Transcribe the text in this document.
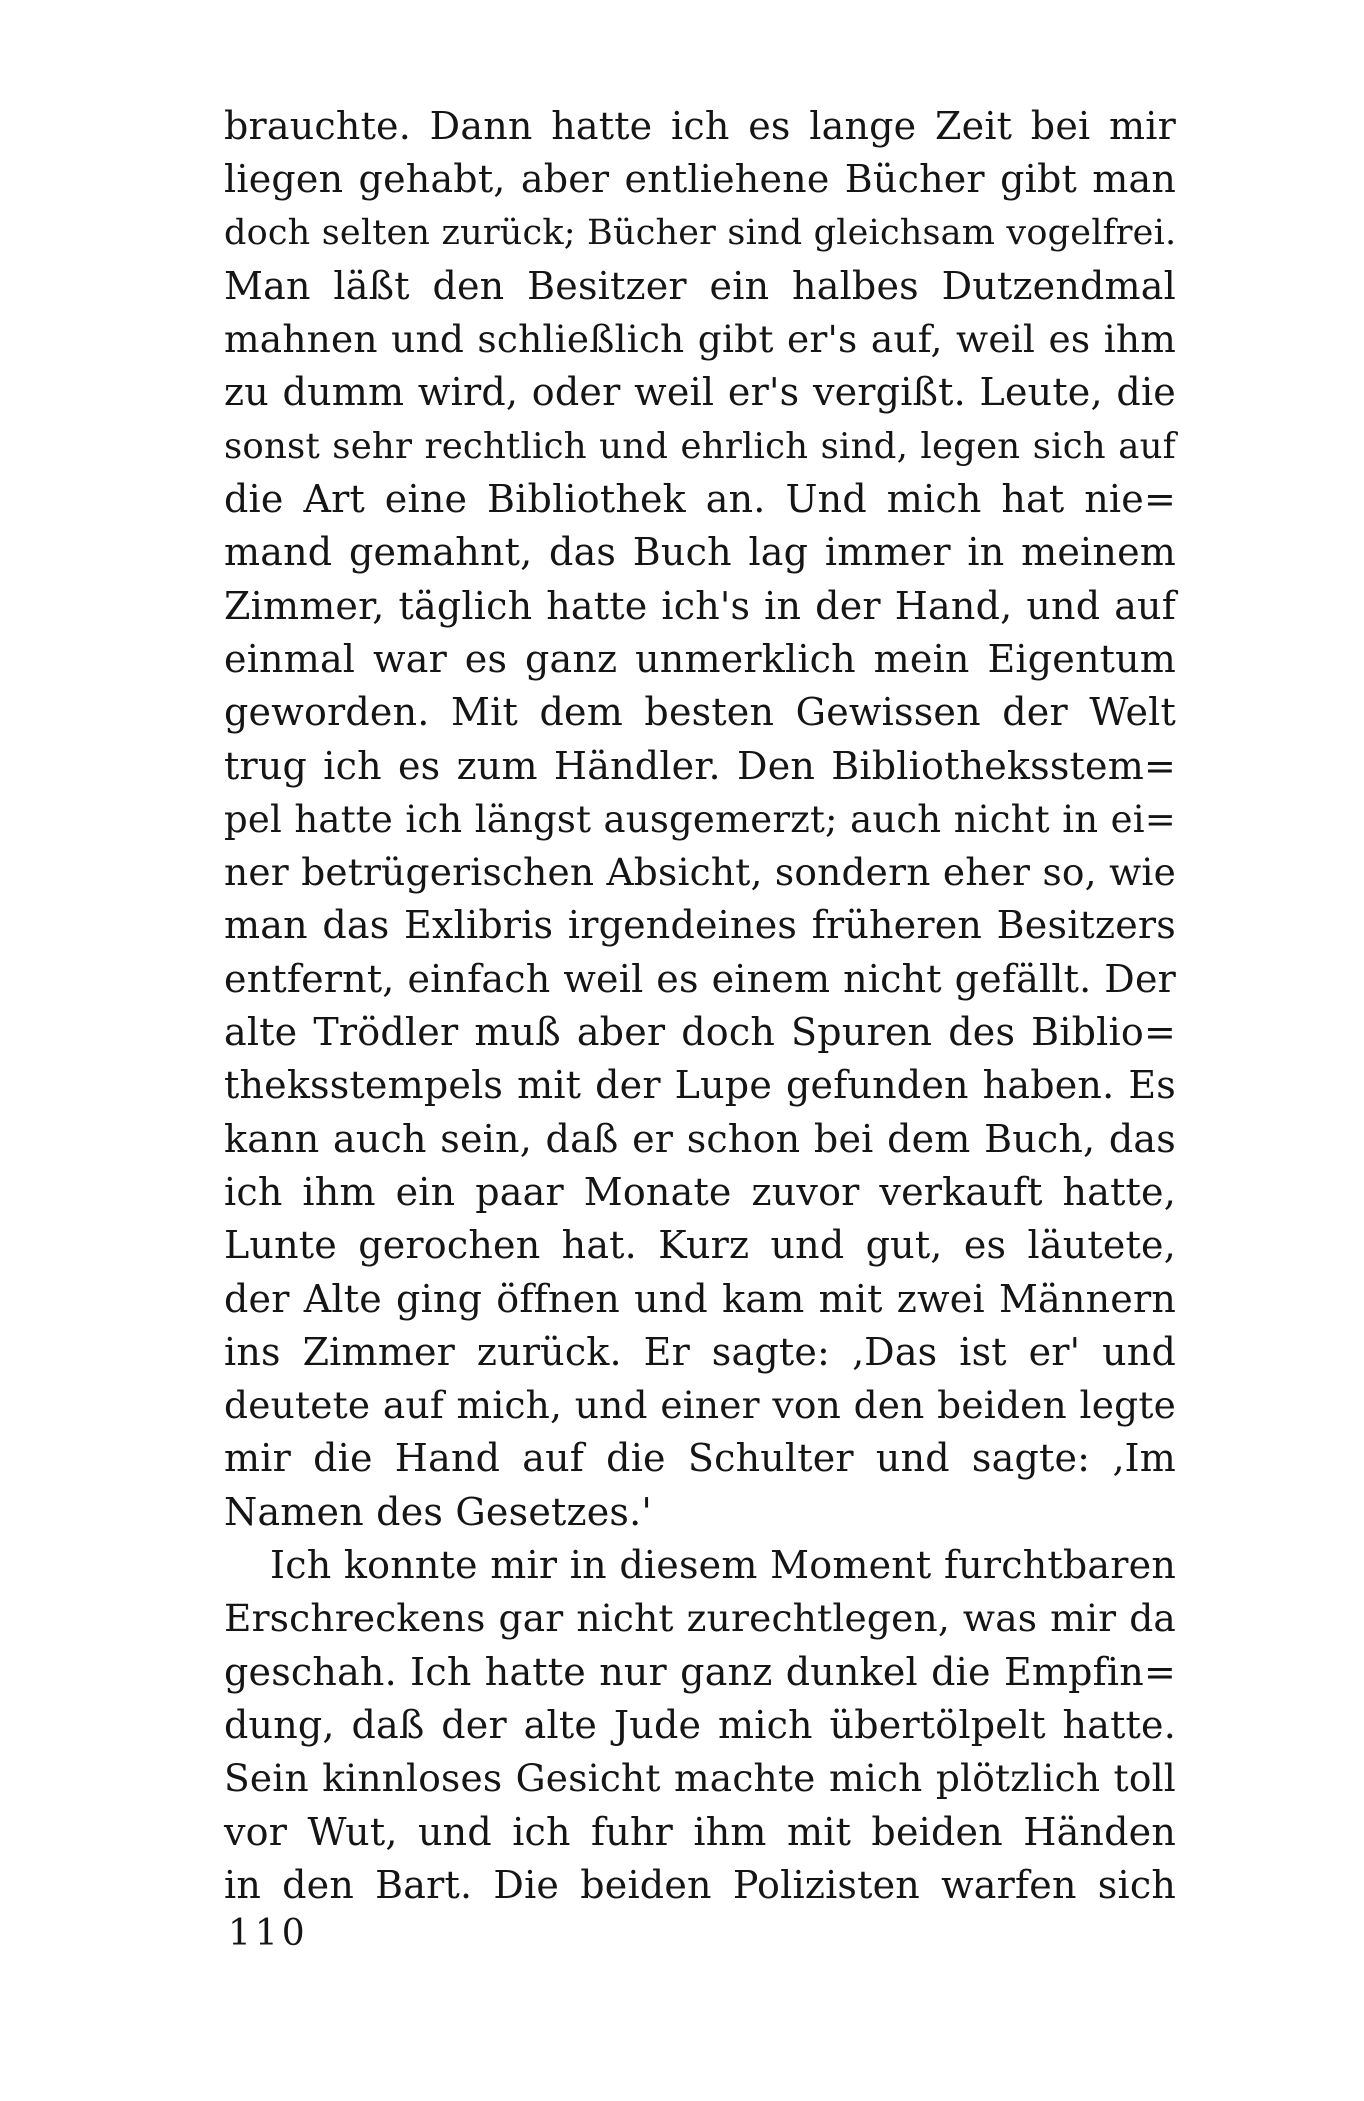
brauchte. Dann hatte ich es lange Zeit bei mir
liegen gehabt, aber entliehene Bücher gibt man
doch selten zurück; Bücher sind gleichsam vogelfrei.
Man läßt den Besitzer ein halbes Dutzendmal
mahnen und schließlich gibt er's auf, weil es ihm
zu dumm wird, oder weil er's vergißt. Leute, die
sonst sehr rechtlich und ehrlich sind, legen sich auf
die Art eine Bibliothek an. Und mich hat nie=
mand gemahnt, das Buch lag immer in meinem
Zimmer, täglich hatte ich's in der Hand, und auf
einmal war es ganz unmerklich mein Eigentum
geworden. Mit dem besten Gewissen der Welt
trug ich es zum Händler. Den Bibliotheksstem=
pel hatte ich längst ausgemerzt; auch nicht in ei=
ner betrügerischen Absicht, sondern eher so, wie
man das Exlibris irgendeines früheren Besitzers
entfernt, einfach weil es einem nicht gefällt. Der
alte Trödler muß aber doch Spuren des Biblio=
theksstempels mit der Lupe gefunden haben. Es
kann auch sein, daß er schon bei dem Buch, das
ich ihm ein paar Monate zuvor verkauft hatte,
Lunte gerochen hat. Kurz und gut, es läutete,
der Alte ging öffnen und kam mit zwei Männern
ins Zimmer zurück. Er sagte: ‚Das ist er' und
deutete auf mich, und einer von den beiden legte
mir die Hand auf die Schulter und sagte: ‚Im
Namen des Gesetzes.'
Ich konnte mir in diesem Moment furchtbaren
Erschreckens gar nicht zurechtlegen, was mir da
geschah. Ich hatte nur ganz dunkel die Empfin=
dung, daß der alte Jude mich übertölpelt hatte.
Sein kinnloses Gesicht machte mich plötzlich toll
vor Wut, und ich fuhr ihm mit beiden Händen
in den Bart. Die beiden Polizisten warfen sich
110
